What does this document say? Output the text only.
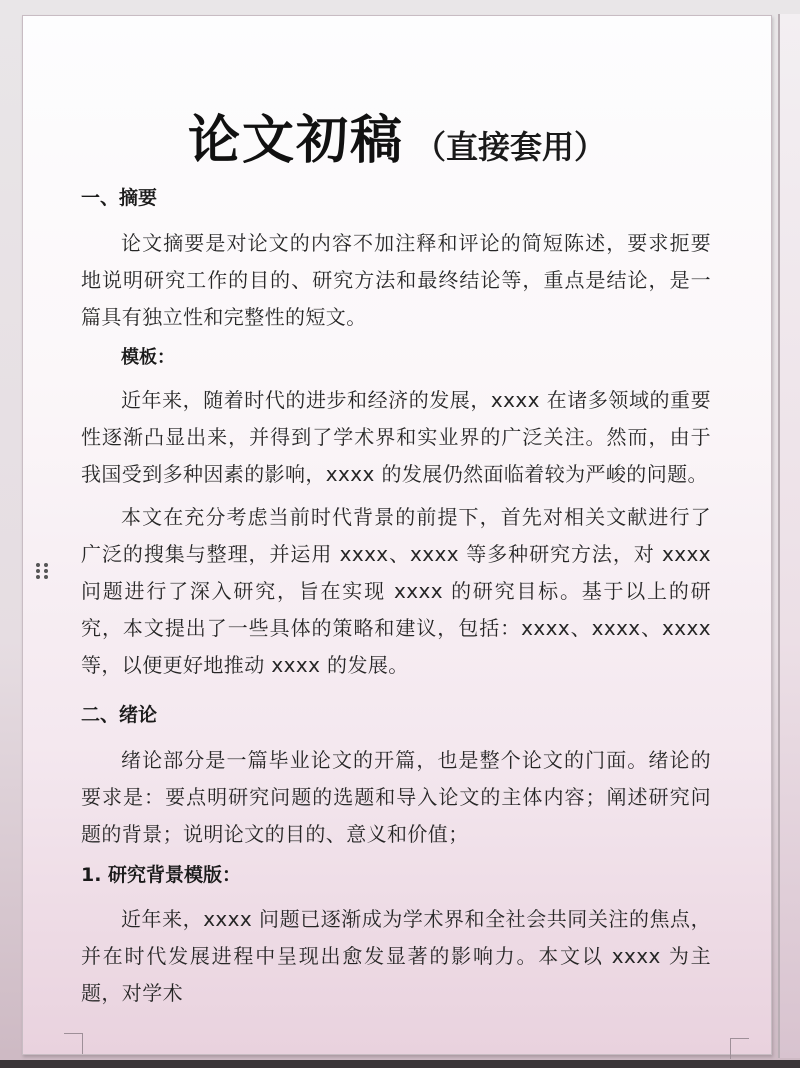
论文初稿 （直接套用）
一、摘要

论文摘要是对论文的内容不加注释和评论的简短陈述，要求扼要地说明研究工作的目的、研究方法和最终结论等，重点是结论，是一篇具有独立性和完整性的短文。

模板：

近年来，随着时代的进步和经济的发展，xxxx 在诸多领域的重要性逐渐凸显出来，并得到了学术界和实业界的广泛关注。然而，由于我国受到多种因素的影响，xxxx 的发展仍然面临着较为严峻的问题。

本文在充分考虑当前时代背景的前提下，首先对相关文献进行了广泛的搜集与整理，并运用 xxxx、xxxx 等多种研究方法，对 xxxx 问题进行了深入研究，旨在实现 xxxx 的研究目标。基于以上的研究，本文提出了一些具体的策略和建议，包括：xxxx、xxxx、xxxx 等，以便更好地推动 xxxx 的发展。

二、绪论

绪论部分是一篇毕业论文的开篇，也是整个论文的门面。绪论的要求是：要点明研究问题的选题和导入论文的主体内容；阐述研究问题的背景；说明论文的目的、意义和价值；

1. 研究背景模版：

近年来，xxxx 问题已逐渐成为学术界和全社会共同关注的焦点，并在时代发展进程中呈现出愈发显著的影响力。本文以 xxxx 为主题，对学术
